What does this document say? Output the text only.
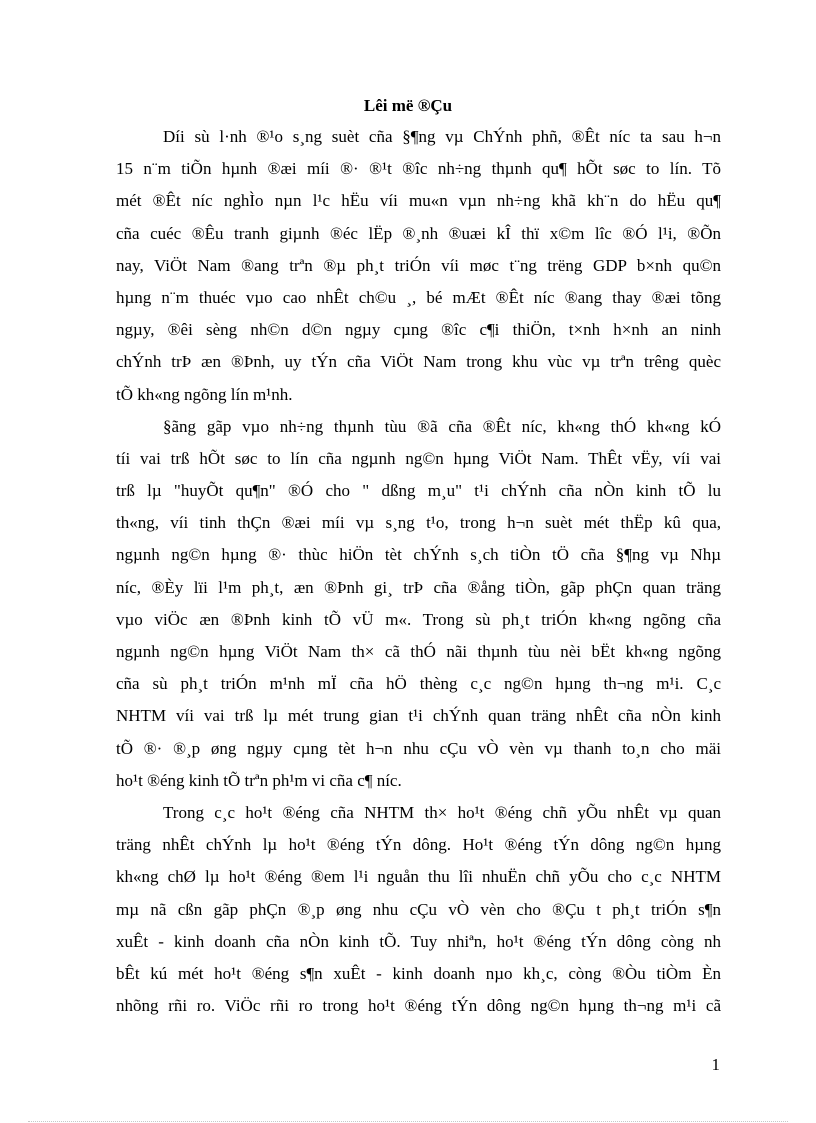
Lêi më ®Çu
Díi sù l·nh ®¹o s¸ng suèt cña §¶ng vµ ChÝnh phñ, ®Êt níc ta sau h¬n
15 n¨m tiÕn hµnh ®æi míi ®· ®¹t ®îc nh÷ng thµnh qu¶ hÕt søc to lín. Tõ
mét ®Êt níc nghÌo nµn l¹c hËu víi mu«n vµn nh÷ng khã kh¨n do hËu qu¶
cña cuéc ®Êu tranh giµnh ®éc lËp ®¸nh ®uæi kÎ thï x©m lîc ®Ó l¹i, ®Õn
nay, ViÖt Nam ®ang trªn ®µ ph¸t triÓn víi møc t¨ng trëng GDP b×nh qu©n
hµng n¨m thuéc vµo cao nhÊt ch©u ¸, bé mÆt ®Êt níc ®ang thay ®æi tõng
ngµy, ®êi sèng nh©n d©n ngµy cµng ®îc c¶i thiÖn, t×nh h×nh an ninh
chÝnh trÞ æn ®Þnh, uy tÝn cña ViÖt Nam trong khu vùc vµ trªn trêng quèc
tÕ kh«ng ngõng lín m¹nh.
§ãng gãp vµo nh÷ng thµnh tùu ®ã cña ®Êt níc, kh«ng thÓ kh«ng kÓ
tíi vai trß hÕt søc to lín cña ngµnh ng©n hµng ViÖt Nam. ThÊt vËy, víi vai
trß lµ "huyÕt qu¶n" ®Ó cho " dßng m¸u" t¹i chÝnh cña nÒn kinh tÕ lu
th«ng, víi tinh thÇn ®æi míi vµ s¸ng t¹o, trong h¬n suèt mét thËp kû qua,
ngµnh ng©n hµng ®· thùc hiÖn tèt chÝnh s¸ch tiÒn tÖ cña §¶ng vµ Nhµ
níc, ®Èy lïi l¹m ph¸t, æn ®Þnh gi¸ trÞ cña ®ång tiÒn, gãp phÇn quan träng
vµo viÖc æn ®Þnh kinh tÕ vÜ m«. Trong sù ph¸t triÓn kh«ng ngõng cña
ngµnh ng©n hµng ViÖt Nam th× cã thÓ nãi thµnh tùu nèi bËt kh«ng ngõng
cña sù ph¸t triÓn m¹nh mÏ cña hÖ thèng c¸c ng©n hµng th¬ng m¹i. C¸c
NHTM víi vai trß lµ mét trung gian t¹i chÝnh quan träng nhÊt cña nÒn kinh
tÕ ®· ®¸p øng ngµy cµng tèt h¬n nhu cÇu vÒ vèn vµ thanh to¸n cho mäi
ho¹t ®éng kinh tÕ trªn ph¹m vi cña c¶ níc.
Trong c¸c ho¹t ®éng cña NHTM th× ho¹t ®éng chñ yÕu nhÊt vµ quan
träng nhÊt chÝnh lµ ho¹t ®éng tÝn dông. Ho¹t ®éng tÝn dông ng©n hµng
kh«ng chØ lµ ho¹t ®éng ®em l¹i nguån thu lîi nhuËn chñ yÕu cho c¸c NHTM
mµ nã cßn gãp phÇn ®¸p øng nhu cÇu vÒ vèn cho ®Çu t ph¸t triÓn s¶n
xuÊt - kinh doanh cña nÒn kinh tÕ. Tuy nhiªn, ho¹t ®éng tÝn dông còng nh
bÊt kú mét ho¹t ®éng s¶n xuÊt - kinh doanh nµo kh¸c, còng ®Òu tiÒm Èn
nhõng rñi ro. ViÖc rñi ro trong ho¹t ®éng tÝn dông ng©n hµng th¬ng m¹i cã
1
